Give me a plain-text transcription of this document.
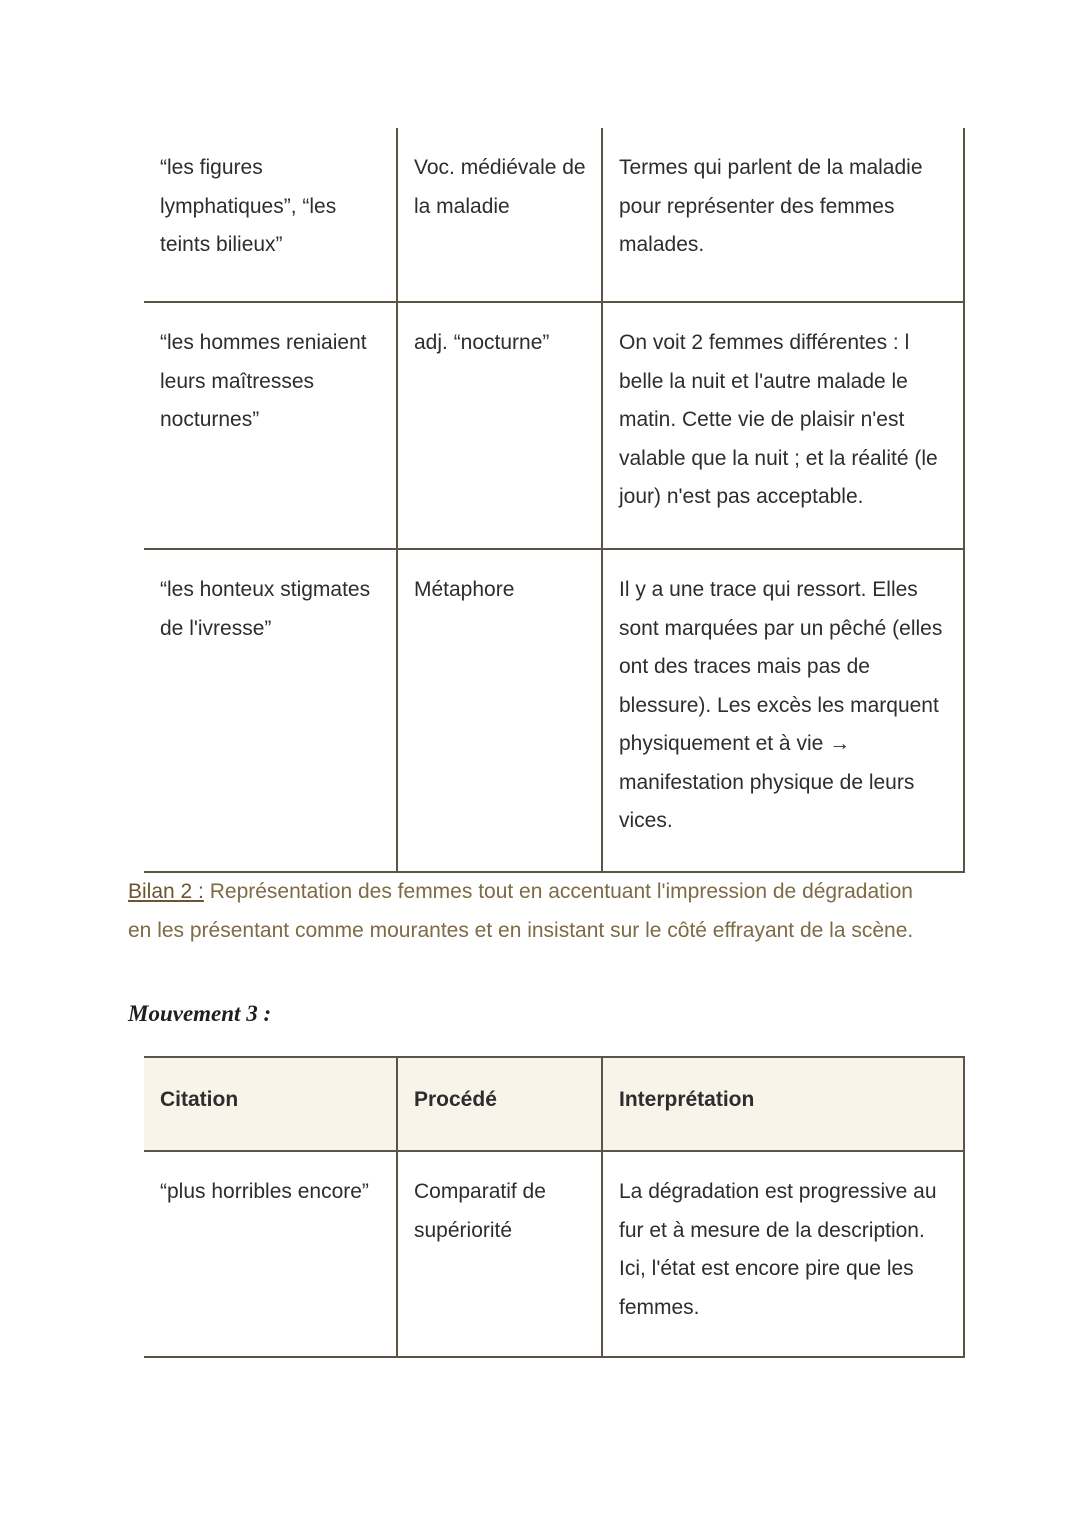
“les figures lymphatiques”, “les teints bilieux”	Voc. médiévale de la maladie	Termes qui parlent de la maladie pour représenter des femmes malades.
“les hommes reniaient leurs maîtresses nocturnes”	adj. “nocturne”	On voit 2 femmes différentes : l belle la nuit et l'autre malade le matin. Cette vie de plaisir n'est valable que la nuit ; et la réalité (le jour) n'est pas acceptable.
“les honteux stigmates de l'ivresse”	Métaphore	Il y a une trace qui ressort. Elles sont marquées par un pêché (elles ont des traces mais pas de blessure). Les excès les marquent physiquement et à vie → manifestation physique de leurs vices.
Bilan 2 : Représentation des femmes tout en accentuant l'impression de dégradation en les présentant comme mourantes et en insistant sur le côté effrayant de la scène.
Mouvement 3 :
Citation	Procédé	Interprétation
“plus horribles encore”	Comparatif de supériorité	La dégradation est progressive au fur et à mesure de la description. Ici, l'état est encore pire que les femmes.
